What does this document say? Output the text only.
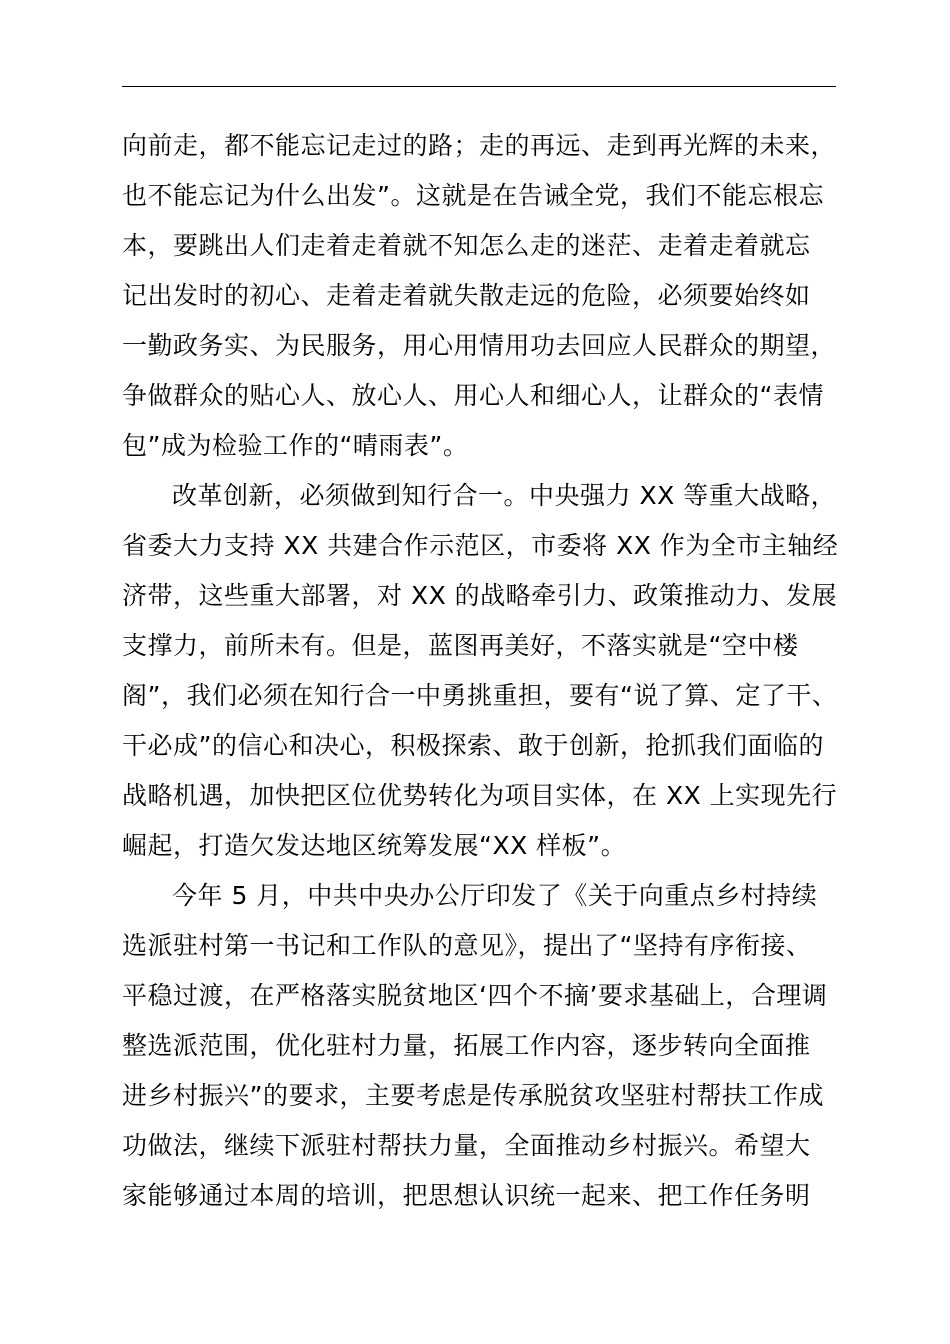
向前走，都不能忘记走过的路；走的再远、走到再光辉的未来，
也不能忘记为什么出发”。这就是在告诫全党，我们不能忘根忘
本，要跳出人们走着走着就不知怎么走的迷茫、走着走着就忘
记出发时的初心、走着走着就失散走远的危险，必须要始终如
一勤政务实、为民服务，用心用情用功去回应人民群众的期望，
争做群众的贴心人、放心人、用心人和细心人，让群众的“表情
包”成为检验工作的“晴雨表”。
改革创新，必须做到知行合一。中央强力 XX 等重大战略，
省委大力支持 XX 共建合作示范区，市委将 XX 作为全市主轴经
济带，这些重大部署，对 XX 的战略牵引力、政策推动力、发展
支撑力，前所未有。但是，蓝图再美好，不落实就是“空中楼
阁”，我们必须在知行合一中勇挑重担，要有“说了算、定了干、
干必成”的信心和决心，积极探索、敢于创新，抢抓我们面临的
战略机遇，加快把区位优势转化为项目实体，在 XX 上实现先行
崛起，打造欠发达地区统筹发展“XX 样板”。
今年 5 月，中共中央办公厅印发了《关于向重点乡村持续
选派驻村第一书记和工作队的意见》，提出了“坚持有序衔接、
平稳过渡，在严格落实脱贫地区‘四个不摘’要求基础上，合理调
整选派范围，优化驻村力量，拓展工作内容，逐步转向全面推
进乡村振兴”的要求，主要考虑是传承脱贫攻坚驻村帮扶工作成
功做法，继续下派驻村帮扶力量，全面推动乡村振兴。希望大
家能够通过本周的培训，把思想认识统一起来、把工作任务明
